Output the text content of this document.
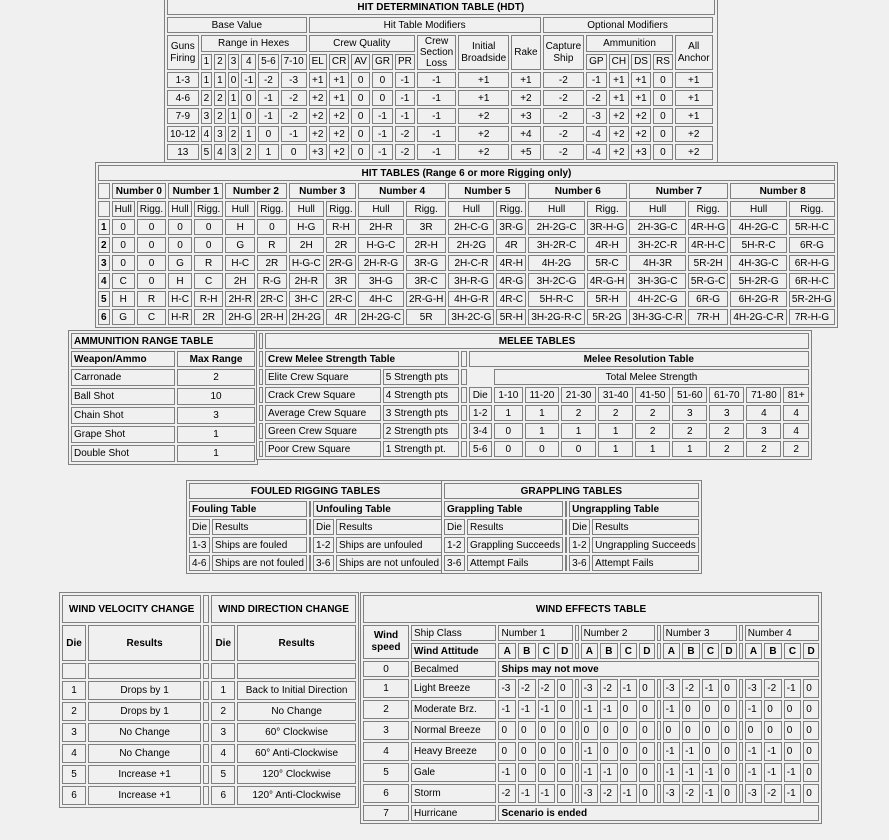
HIT DETERMINATION TABLE (HDT)																					
Base Value							Hit Table Modifiers								Optional Modifiers						
Guns Firing	Range in Hexes						Crew Quality					Crew Section Loss	Initial Broadside	Rake	Capture Ship	Ammunition				All Anchor	
	1	2	3	4	5-6	7-10	EL	CR	AV	GR	PR					GP	CH	DS	RS		
1-3	1	1	0	-1	-2	-3	+1	+1	0	0	-1	-1	+1	+1	-2	-1	+1	+1	0	+1	
4-6	2	2	1	0	-1	-2	+2	+1	0	0	-1	-1	+1	+2	-2	-2	+1	+1	0	+1	
7-9	3	2	1	0	-1	-2	+2	+2	0	-1	-1	-1	+2	+3	-2	-3	+2	+2	0	+1	
10-12	4	3	2	1	0	-1	+2	+2	0	-1	-2	-1	+2	+4	-2	-4	+2	+2	0	+2	
13	5	4	3	2	1	0	+3	+2	0	-1	-2	-1	+2	+5	-2	-4	+2	+3	0	+2	
HIT TABLES (Range 6 or more Rigging only)																		
	Number 0		Number 1		Number 2		Number 3		Number 4		Number 5		Number 6		Number 7		Number 8	
	Hull	Rigg.	Hull	Rigg.	Hull	Rigg.	Hull	Rigg.	Hull	Rigg.	Hull	Rigg.	Hull	Rigg.	Hull	Rigg.	Hull	Rigg.
1	0	0	0	0	H	0	H-G	R-H	2H-R	3R	2H-C-G	3R-G	2H-2G-C	3R-H-G	2H-3G-C	4R-H-G	4H-2G-C	5R-H-C
2	0	0	0	0	G	R	2H	2R	H-G-C	2R-H	2H-2G	4R	3H-2R-C	4R-H	3H-2C-R	4R-H-C	5H-R-C	6R-G
3	0	0	G	R	H-C	2R	H-G-C	2R-G	2H-R-G	3R-G	2H-C-R	4R-H	4H-2G	5R-C	4H-3R	5R-2H	4H-3G-C	6R-H-G
4	C	0	H	C	2H	R-G	2H-R	3R	3H-G	3R-C	3H-R-G	4R-G	3H-2C-G	4R-G-H	3H-3G-C	5R-G-C	5H-2R-G	6R-H-C
5	H	R	H-C	R-H	2H-R	2R-C	3H-C	2R-C	4H-C	2R-G-H	4H-G-R	4R-C	5H-R-C	5R-H	4H-2C-G	6R-G	6H-2G-R	5R-2H-G
6	G	C	H-R	2R	2H-G	2R-H	2H-2G	4R	2H-2G-C	5R	3H-2C-G	5R-H	3H-2G-R-C	5R-2G	3H-3G-C-R	7R-H	4H-2G-C-R	7R-H-G
AMMUNITION RANGE TABLE	
Weapon/Ammo	Max Range
Carronade	2
Ball Shot	10
Chain Shot	3
Grape Shot	1
Double Shot	1
	MELEE TABLES												
	Crew Melee Strength Table			Melee Resolution Table									
	Elite Crew Square	5 Strength pts			Total Melee Strength								
	Crack Crew Square	4 Strength pts		Die	1-10	11-20	21-30	31-40	41-50	51-60	61-70	71-80	81+
	Average Crew Square	3 Strength pts		1-2	1	1	2	2	2	3	3	4	4
	Green Crew Square	2 Strength pts		3-4	0	1	1	1	2	2	2	3	4
	Poor Crew Square	1 Strength pt.		5-6	0	0	0	1	1	1	2	2	2
FOULED RIGGING TABLES				
Fouling Table			Unfouling Table	
Die	Results		Die	Results
1-3	Ships are fouled		1-2	Ships are unfouled
4-6	Ships are not fouled		3-6	Ships are not unfouled
GRAPPLING TABLES				
Grappling Table			Ungrappling Table	
Die	Results		Die	Results
1-2	Grappling Succeeds		1-2	Ungrappling Succeeds
3-6	Attempt Fails		3-6	Attempt Fails
WIND VELOCITY CHANGE			WIND DIRECTION CHANGE	
Die	Results		Die	Results

1	Drops by 1		1	Back to Initial Direction
2	Drops by 1		2	No Change
3	No Change		3	60° Clockwise
4	No Change		4	60° Anti-Clockwise
5	Increase +1		5	120° Clockwise
6	Increase +1		6	120° Anti-Clockwise
WIND EFFECTS TABLE																				
Wind speed	Ship Class	Number 1					Number 2					Number 3					Number 4			
	Wind Attitude	A	B	C	D		A	B	C	D		A	B	C	D		A	B	C	D
0	Becalmed	Ships may not move																		
1	Light Breeze	-3	-2	-2	0		-3	-2	-1	0		-3	-2	-1	0		-3	-2	-1	0
2	Moderate Brz.	-1	-1	-1	0		-1	-1	0	0		-1	0	0	0		-1	0	0	0
3	Normal Breeze	0	0	0	0		0	0	0	0		0	0	0	0		0	0	0	0
4	Heavy Breeze	0	0	0	0		-1	0	0	0		-1	-1	0	0		-1	-1	0	0
5	Gale	-1	0	0	0		-1	-1	0	0		-1	-1	-1	0		-1	-1	-1	0
6	Storm	-2	-1	-1	0		-3	-2	-1	0		-3	-2	-1	0		-3	-2	-1	0
7	Hurricane	Scenario is ended																		
